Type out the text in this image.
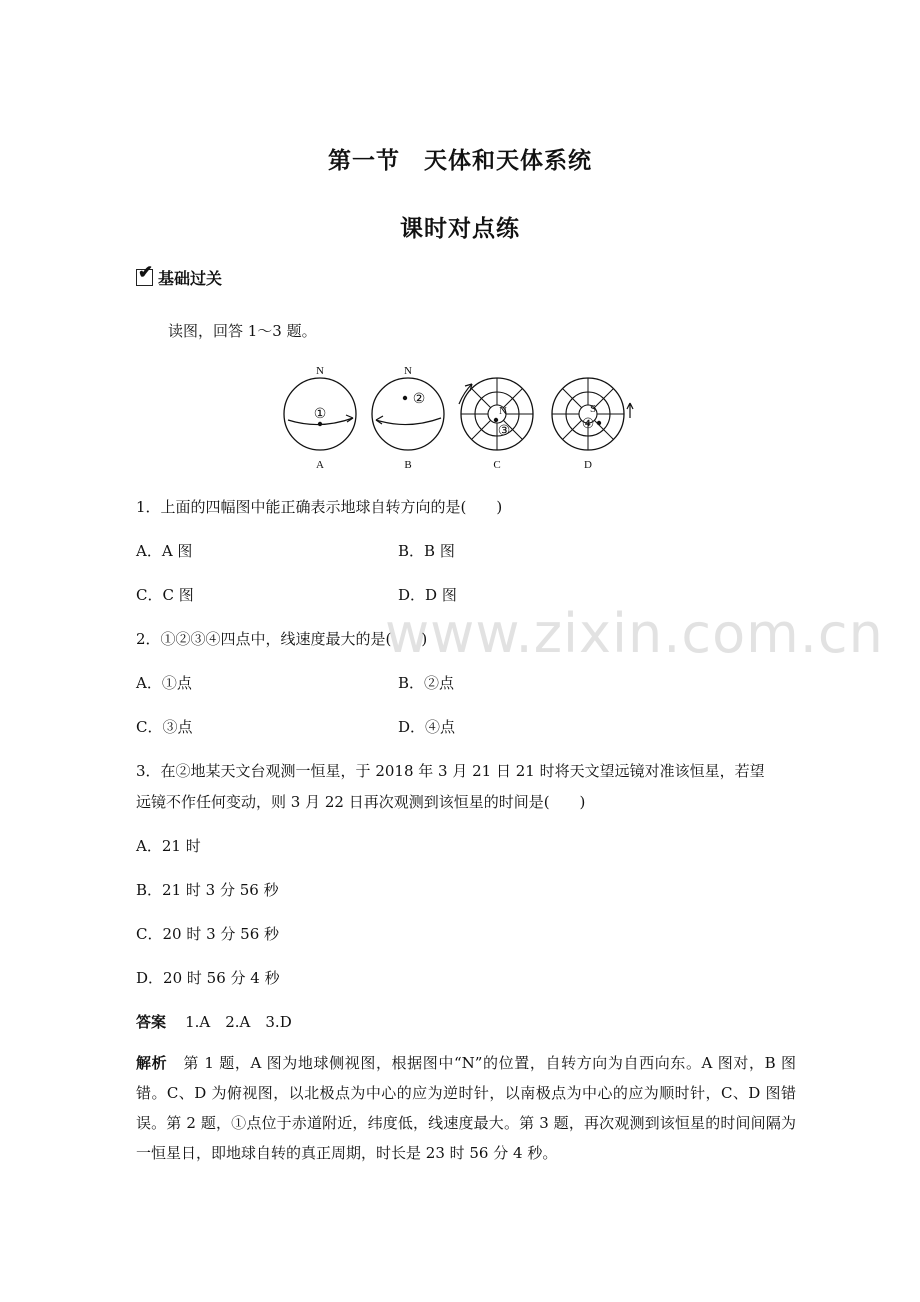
第一节　天体和天体系统
课时对点练
✔ 基础过关
读图，回答 1～3 题。
N
①
A
N
②
B
N
③
C
S
④
D
1．上面的四幅图中能正确表示地球自转方向的是(　　)
A．A 图	B．B 图
C．C 图	D．D 图
www.zixin.com.cn
2．①②③④四点中，线速度最大的是(　　)
A．①点	B．②点
C．③点	D．④点
3．在②地某天文台观测一恒星，于 2018 年 3 月 21 日 21 时将天文望远镜对准该恒星，若望
远镜不作任何变动，则 3 月 22 日再次观测到该恒星的时间是(　　)
A．21 时
B．21 时 3 分 56 秒
C．20 时 3 分 56 秒
D．20 时 56 分 4 秒
答案 1.A　2.A　3.D
解析 第 1 题，A 图为地球侧视图，根据图中“N”的位置，自转方向为自西向东。A 图对，B 图错。C、D 为俯视图，以北极点为中心的应为逆时针，以南极点为中心的应为顺时针，C、D 图错误。第 2 题，①点位于赤道附近，纬度低，线速度最大。第 3 题，再次观测到该恒星的时间间隔为一恒星日，即地球自转的真正周期，时长是 23 时 56 分 4 秒。
